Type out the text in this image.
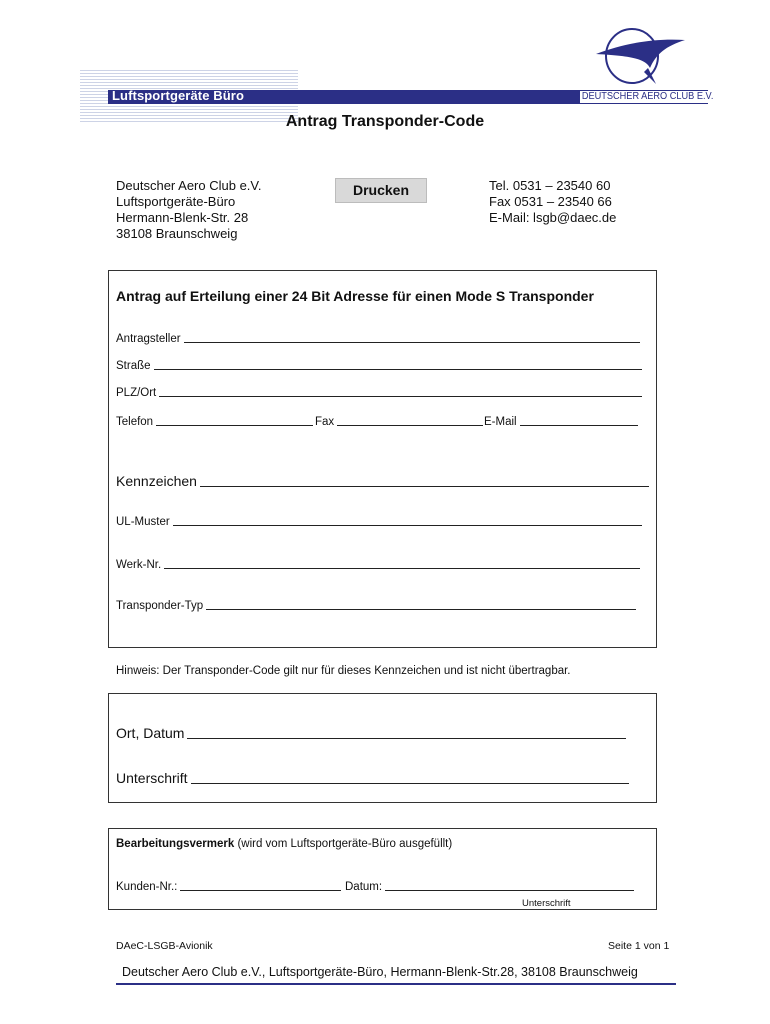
Luftsportgeräte Büro	DEUTSCHER AERO CLUB E.V.
Antrag Transponder-Code
Deutscher Aero Club e.V.
Luftsportgeräte-Büro
Hermann-Blenk-Str. 28
38108 Braunschweig
Drucken	Tel. 0531 – 23540 60
Fax 0531 – 23540 66
E-Mail: lsgb@daec.de
Antrag auf Erteilung einer 24 Bit Adresse für einen Mode S Transponder
Antragsteller
Straße
PLZ/Ort
Telefon	Fax	E-Mail
Kennzeichen
UL-Muster
Werk-Nr.
Transponder-Typ
Hinweis: Der Transponder-Code gilt nur für dieses Kennzeichen und ist nicht übertragbar.
Ort, Datum
Unterschrift
Bearbeitungsvermerk (wird vom Luftsportgeräte-Büro ausgefüllt)
Kunden-Nr.:	Datum:
Unterschrift
DAeC-LSGB-Avionik	Seite 1 von 1
Deutscher Aero Club e.V., Luftsportgeräte-Büro, Hermann-Blenk-Str.28, 38108 Braunschweig
